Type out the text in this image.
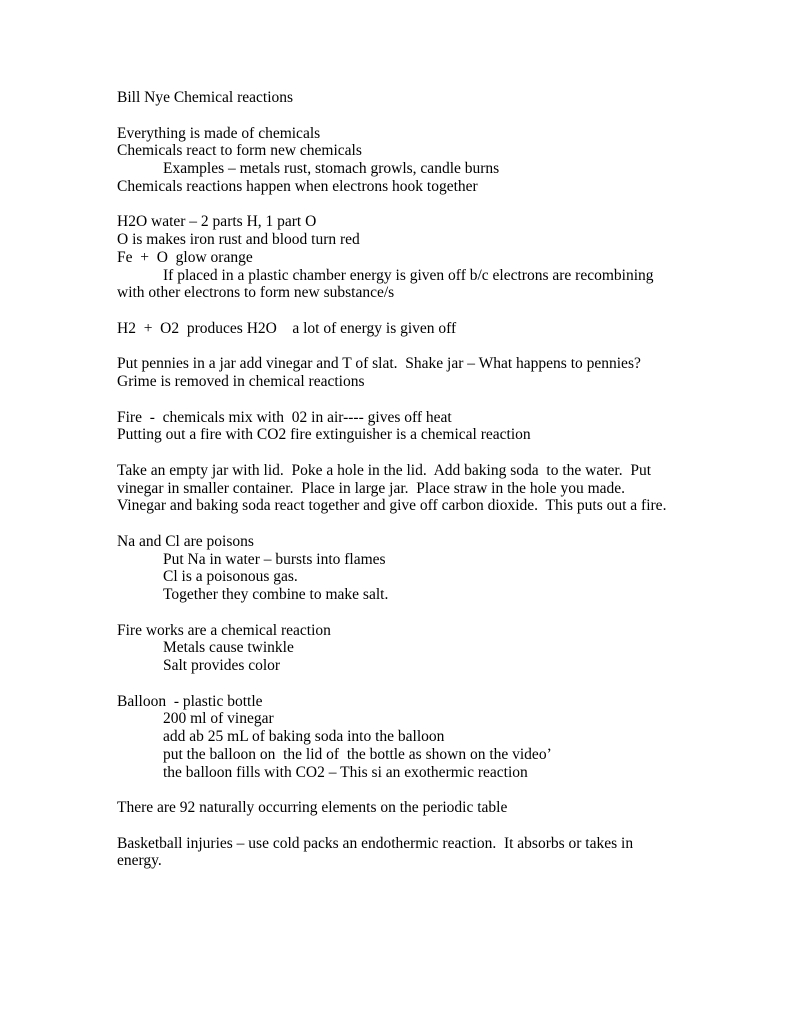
Bill Nye Chemical reactions
Everything is made of chemicals
Chemicals react to form new chemicals
Examples – metals rust, stomach growls, candle burns
Chemicals reactions happen when electrons hook together
H2O water – 2 parts H, 1 part O
O is makes iron rust and blood turn red
Fe  +  O  glow orange
If placed in a plastic chamber energy is given off b/c electrons are recombining
with other electrons to form new substance/s
H2  +  O2  produces H2O    a lot of energy is given off
Put pennies in a jar add vinegar and T of slat.  Shake jar – What happens to pennies?
Grime is removed in chemical reactions
Fire  -  chemicals mix with  02 in air---- gives off heat
Putting out a fire with CO2 fire extinguisher is a chemical reaction
Take an empty jar with lid.  Poke a hole in the lid.  Add baking soda  to the water.  Put
vinegar in smaller container.  Place in large jar.  Place straw in the hole you made.
Vinegar and baking soda react together and give off carbon dioxide.  This puts out a fire.
Na and Cl are poisons
Put Na in water – bursts into flames
Cl is a poisonous gas.
Together they combine to make salt.
Fire works are a chemical reaction
Metals cause twinkle
Salt provides color
Balloon  - plastic bottle
200 ml of vinegar
add ab 25 mL of baking soda into the balloon
put the balloon on  the lid of  the bottle as shown on the video’
the balloon fills with CO2 – This si an exothermic reaction
There are 92 naturally occurring elements on the periodic table
Basketball injuries – use cold packs an endothermic reaction.  It absorbs or takes in
energy.
